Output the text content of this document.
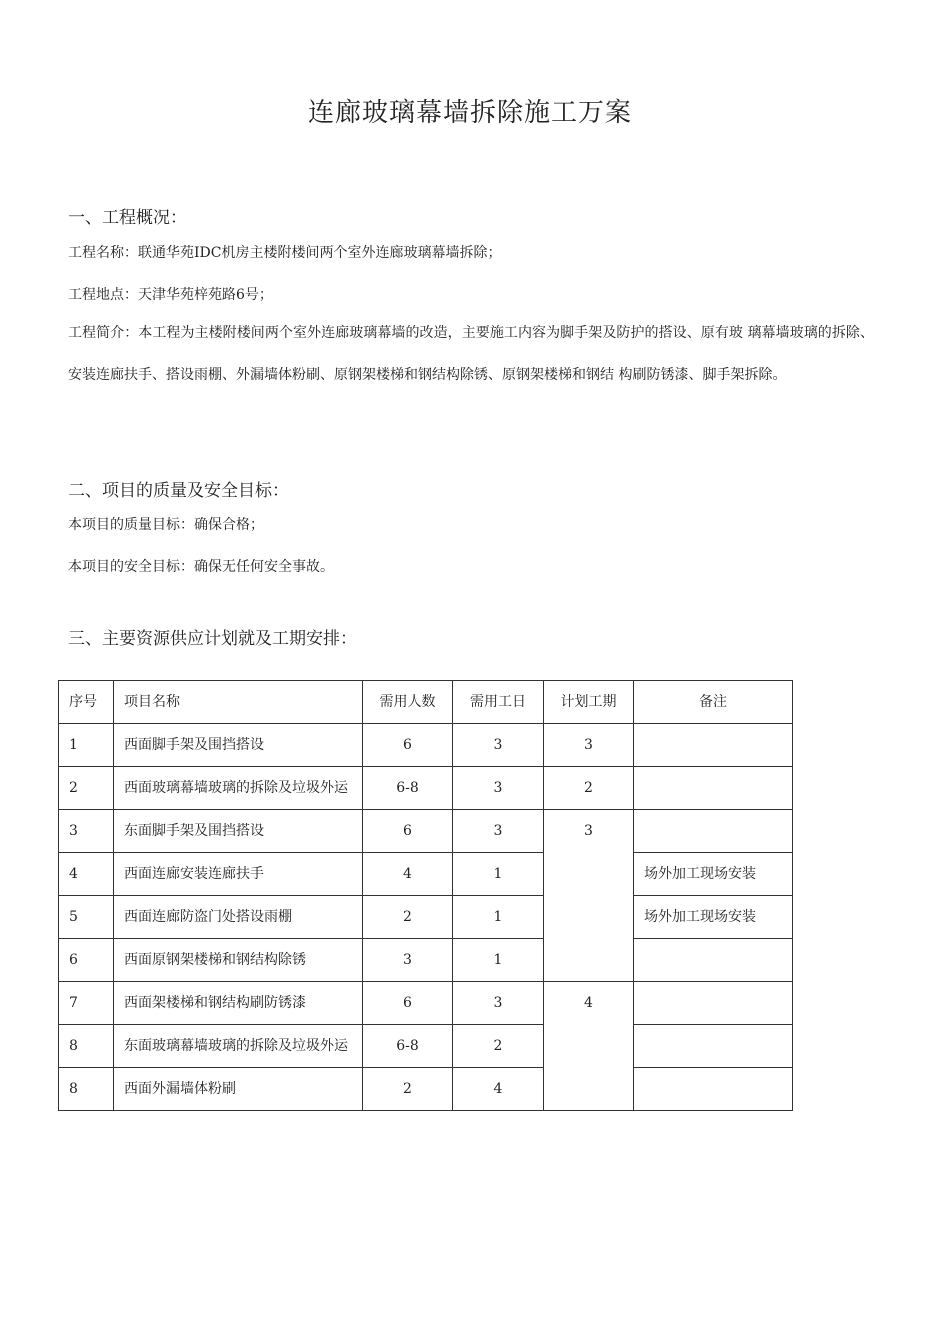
连廊玻璃幕墙拆除施工万案
一、工程概况：
工程名称：联通华苑IDC机房主楼附楼间两个室外连廊玻璃幕墙拆除；
工程地点：天津华苑梓苑路6号；
工程简介：本工程为主楼附楼间两个室外连廊玻璃幕墙的改造，主要施工内容为脚手架及防护的搭设、原有玻 璃幕墙玻璃的拆除、安装连廊扶手、搭设雨棚、外漏墙体粉刷、原钢架楼梯和钢结构除锈、原钢架楼梯和钢结 构刷防锈漆、脚手架拆除。
二、项目的质量及安全目标：
本项目的质量目标：确保合格；
本项目的安全目标：确保无任何安全事故。
三、主要资源供应计划就及工期安排：
序号	项目名称	需用人数	需用工日	计划工期	备注
1	西面脚手架及围挡搭设	6	3	3	
2	西面玻璃幕墙玻璃的拆除及垃圾外运	6-8	3	2	
3	东面脚手架及围挡搭设	6	3	3	
4	西面连廊安装连廊扶手	4	1		场外加工现场安装
5	西面连廊防盗门处搭设雨棚	2	1		场外加工现场安装
6	西面原钢架楼梯和钢结构除锈	3	1		
7	西面架楼梯和钢结构刷防锈漆	6	3	4	
8	东面玻璃幕墙玻璃的拆除及垃圾外运	6-8	2		
8	西面外漏墙体粉刷	2	4		
